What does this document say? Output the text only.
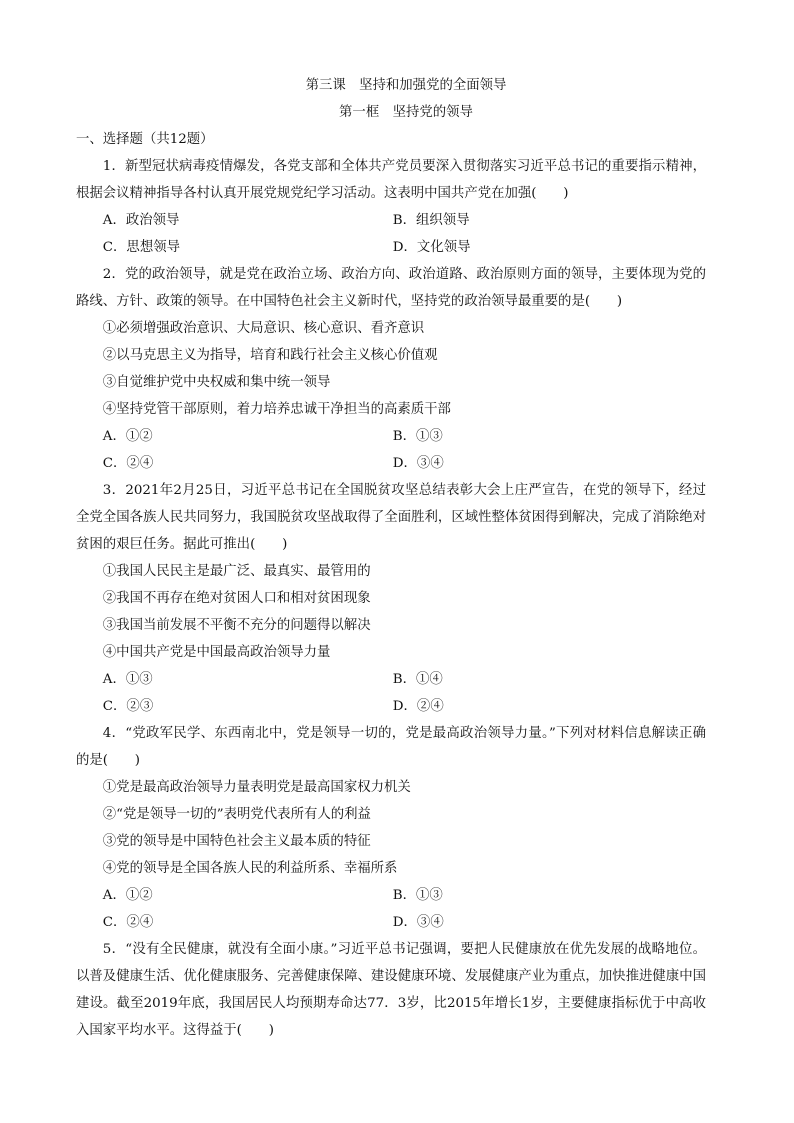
第三课　坚持和加强党的全面领导
第一框　坚持党的领导
一、选择题（共12题）
1．新型冠状病毒疫情爆发，各党支部和全体共产党员要深入贯彻落实习近平总书记的重要指示精神，根据会议精神指导各村认真开展党规党纪学习活动。这表明中国共产党在加强(　　)
A．政治领导	B．组织领导
C．思想领导	D．文化领导
2．党的政治领导，就是党在政治立场、政治方向、政治道路、政治原则方面的领导，主要体现为党的路线、方针、政策的领导。在中国特色社会主义新时代，坚持党的政治领导最重要的是(　　)
①必须增强政治意识、大局意识、核心意识、看齐意识
②以马克思主义为指导，培育和践行社会主义核心价值观
③自觉维护党中央权威和集中统一领导
④坚持党管干部原则，着力培养忠诚干净担当的高素质干部
A．①②	B．①③
C．②④	D．③④
3．2021年2月25日，习近平总书记在全国脱贫攻坚总结表彰大会上庄严宣告，在党的领导下，经过全党全国各族人民共同努力，我国脱贫攻坚战取得了全面胜利，区域性整体贫困得到解决，完成了消除绝对贫困的艰巨任务。据此可推出(　　)
①我国人民民主是最广泛、最真实、最管用的
②我国不再存在绝对贫困人口和相对贫困现象
③我国当前发展不平衡不充分的问题得以解决
④中国共产党是中国最高政治领导力量
A．①③	B．①④
C．②③	D．②④
4．“党政军民学、东西南北中，党是领导一切的，党是最高政治领导力量。”下列对材料信息解读正确的是(　　)
①党是最高政治领导力量表明党是最高国家权力机关
②“党是领导一切的”表明党代表所有人的利益
③党的领导是中国特色社会主义最本质的特征
④党的领导是全国各族人民的利益所系、幸福所系
A．①②	B．①③
C．②④	D．③④
5．“没有全民健康，就没有全面小康。”习近平总书记强调，要把人民健康放在优先发展的战略地位。以普及健康生活、优化健康服务、完善健康保障、建设健康环境、发展健康产业为重点，加快推进健康中国建设。截至2019年底，我国居民人均预期寿命达77．3岁，比2015年增长1岁，主要健康指标优于中高收入国家平均水平。这得益于(　　)
